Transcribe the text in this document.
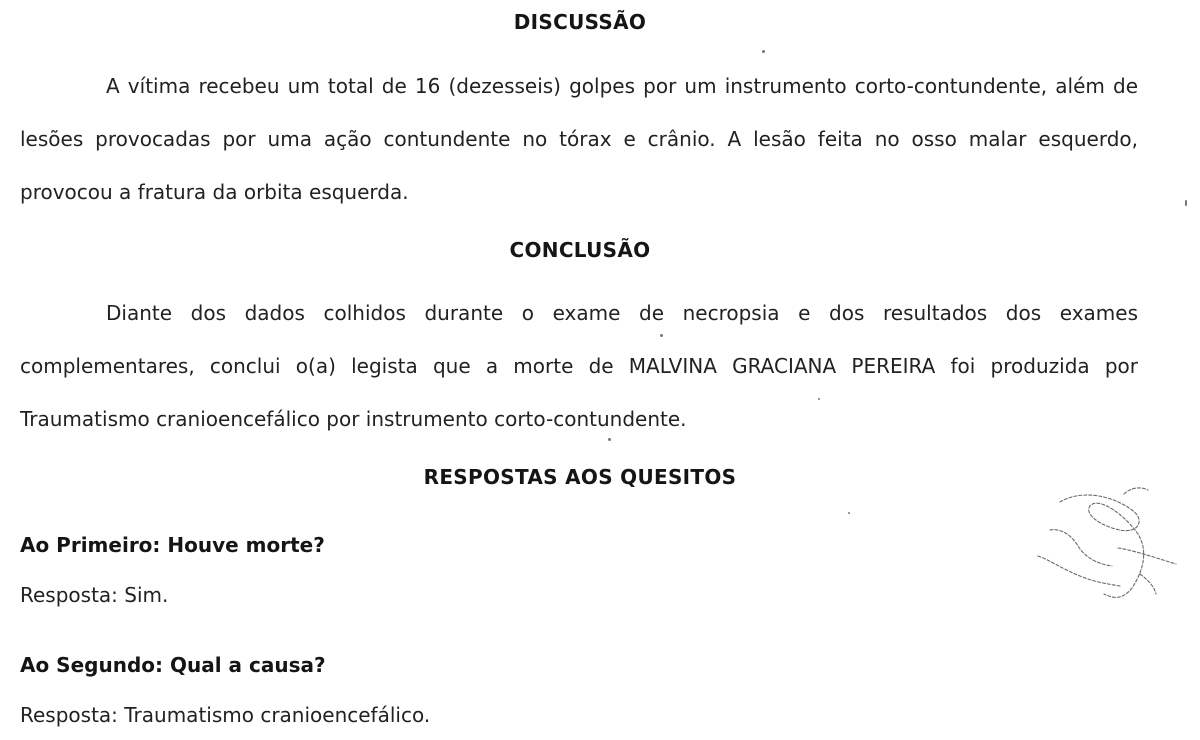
DISCUSSÃO
A vítima recebeu um total de 16 (dezesseis) golpes por um instrumento corto-contundente, além de
lesões provocadas por uma ação contundente no tórax e crânio. A lesão feita no osso malar esquerdo,
provocou a fratura da orbita esquerda.
CONCLUSÃO
Diante dos dados colhidos durante o exame de necropsia e dos resultados dos exames
complementares, conclui o(a) legista que a morte de MALVINA GRACIANA PEREIRA foi produzida por
Traumatismo cranioencefálico por instrumento corto-contundente.
RESPOSTAS AOS QUESITOS
Ao Primeiro: Houve morte?
Resposta: Sim.
Ao Segundo: Qual a causa?
Resposta: Traumatismo cranioencefálico.
